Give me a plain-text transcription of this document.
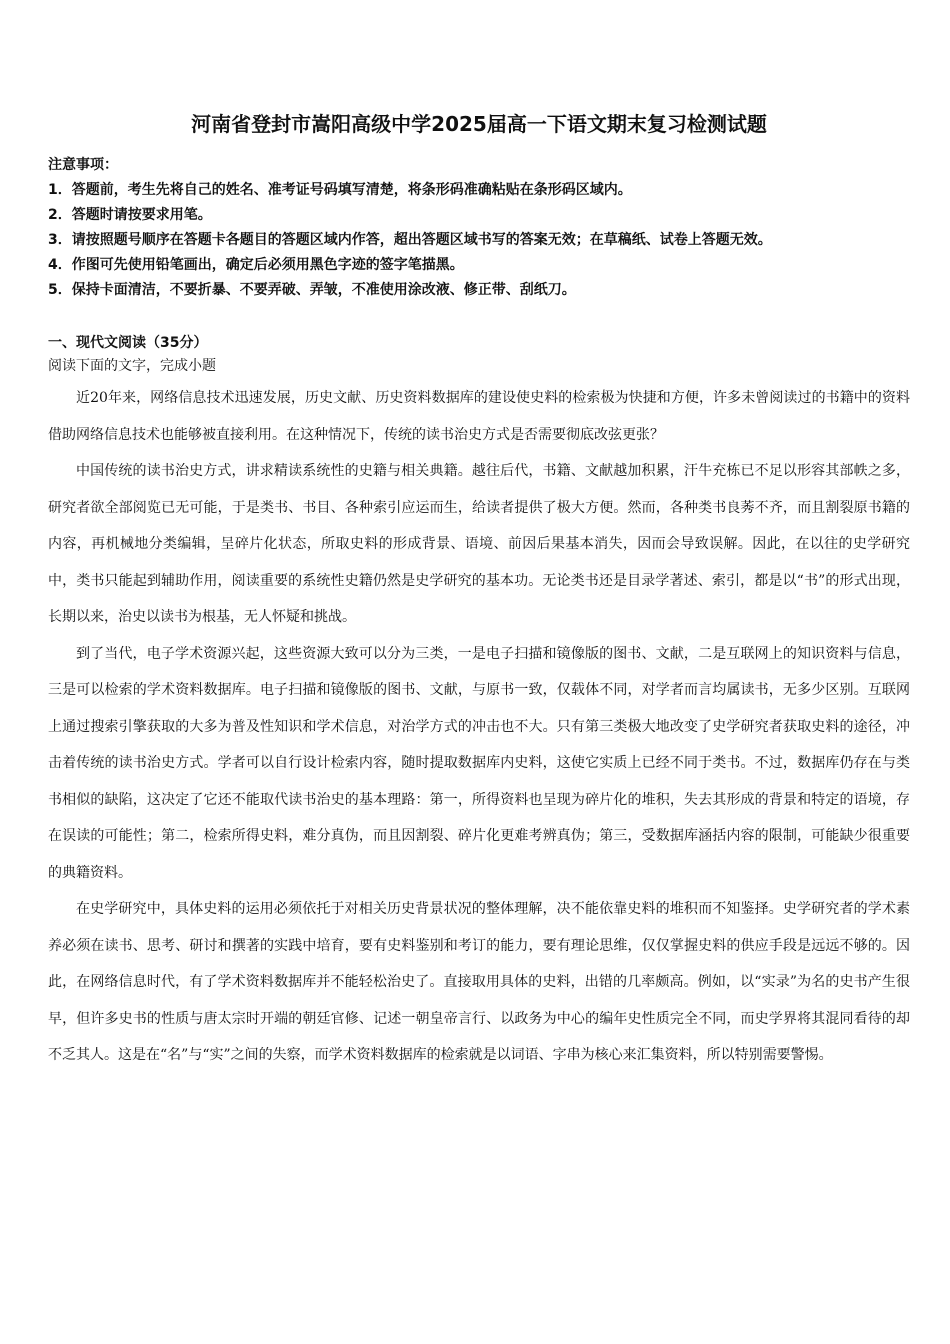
河南省登封市嵩阳高级中学2025届高一下语文期末复习检测试题
注意事项：
1．答题前，考生先将自己的姓名、准考证号码填写清楚，将条形码准确粘贴在条形码区域内。
2．答题时请按要求用笔。
3．请按照题号顺序在答题卡各题目的答题区域内作答，超出答题区域书写的答案无效；在草稿纸、试卷上答题无效。
4．作图可先使用铅笔画出，确定后必须用黑色字迹的签字笔描黑。
5．保持卡面清洁，不要折暴、不要弄破、弄皱，不准使用涂改液、修正带、刮纸刀。
一、现代文阅读（35分）
阅读下面的文字，完成小题

近20年来，网络信息技术迅速发展，历史文献、历史资料数据库的建设使史料的检索极为快捷和方便，许多未曾阅读过的书籍中的资料借助网络信息技术也能够被直接利用。在这种情况下，传统的读书治史方式是否需要彻底改弦更张？

中国传统的读书治史方式，讲求精读系统性的史籍与相关典籍。越往后代，书籍、文献越加积累，汗牛充栋已不足以形容其部帙之多，研究者欲全部阅览已无可能，于是类书、书目、各种索引应运而生，给读者提供了极大方便。然而，各种类书良莠不齐，而且割裂原书籍的内容，再机械地分类编辑，呈碎片化状态，所取史料的形成背景、语境、前因后果基本消失，因而会导致误解。因此，在以往的史学研究中，类书只能起到辅助作用，阅读重要的系统性史籍仍然是史学研究的基本功。无论类书还是目录学著述、索引，都是以“书”的形式出现，长期以来，治史以读书为根基，无人怀疑和挑战。

到了当代，电子学术资源兴起，这些资源大致可以分为三类，一是电子扫描和镜像版的图书、文献，二是互联网上的知识资料与信息，三是可以检索的学术资料数据库。电子扫描和镜像版的图书、文献，与原书一致，仅载体不同，对学者而言均属读书，无多少区别。互联网上通过搜索引擎获取的大多为普及性知识和学术信息，对治学方式的冲击也不大。只有第三类极大地改变了史学研究者获取史料的途径，冲击着传统的读书治史方式。学者可以自行设计检索内容，随时提取数据库内史料，这使它实质上已经不同于类书。不过，数据库仍存在与类书相似的缺陷，这决定了它还不能取代读书治史的基本理路：第一，所得资料也呈现为碎片化的堆积，失去其形成的背景和特定的语境，存在误读的可能性；第二，检索所得史料，难分真伪，而且因割裂、碎片化更难考辨真伪；第三，受数据库涵括内容的限制，可能缺少很重要的典籍资料。

在史学研究中，具体史料的运用必须依托于对相关历史背景状况的整体理解，决不能依靠史料的堆积而不知鉴择。史学研究者的学术素养必须在读书、思考、研讨和撰著的实践中培育，要有史料鉴别和考订的能力，要有理论思维，仅仅掌握史料的供应手段是远远不够的。因此，在网络信息时代，有了学术资料数据库并不能轻松治史了。直接取用具体的史料，出错的几率颇高。例如，以“实录”为名的史书产生很早，但许多史书的性质与唐太宗时开端的朝廷官修、记述一朝皇帝言行、以政务为中心的编年史性质完全不同，而史学界将其混同看待的却不乏其人。这是在“名”与“实”之间的失察，而学术资料数据库的检索就是以词语、字串为核心来汇集资料，所以特别需要警惕。
